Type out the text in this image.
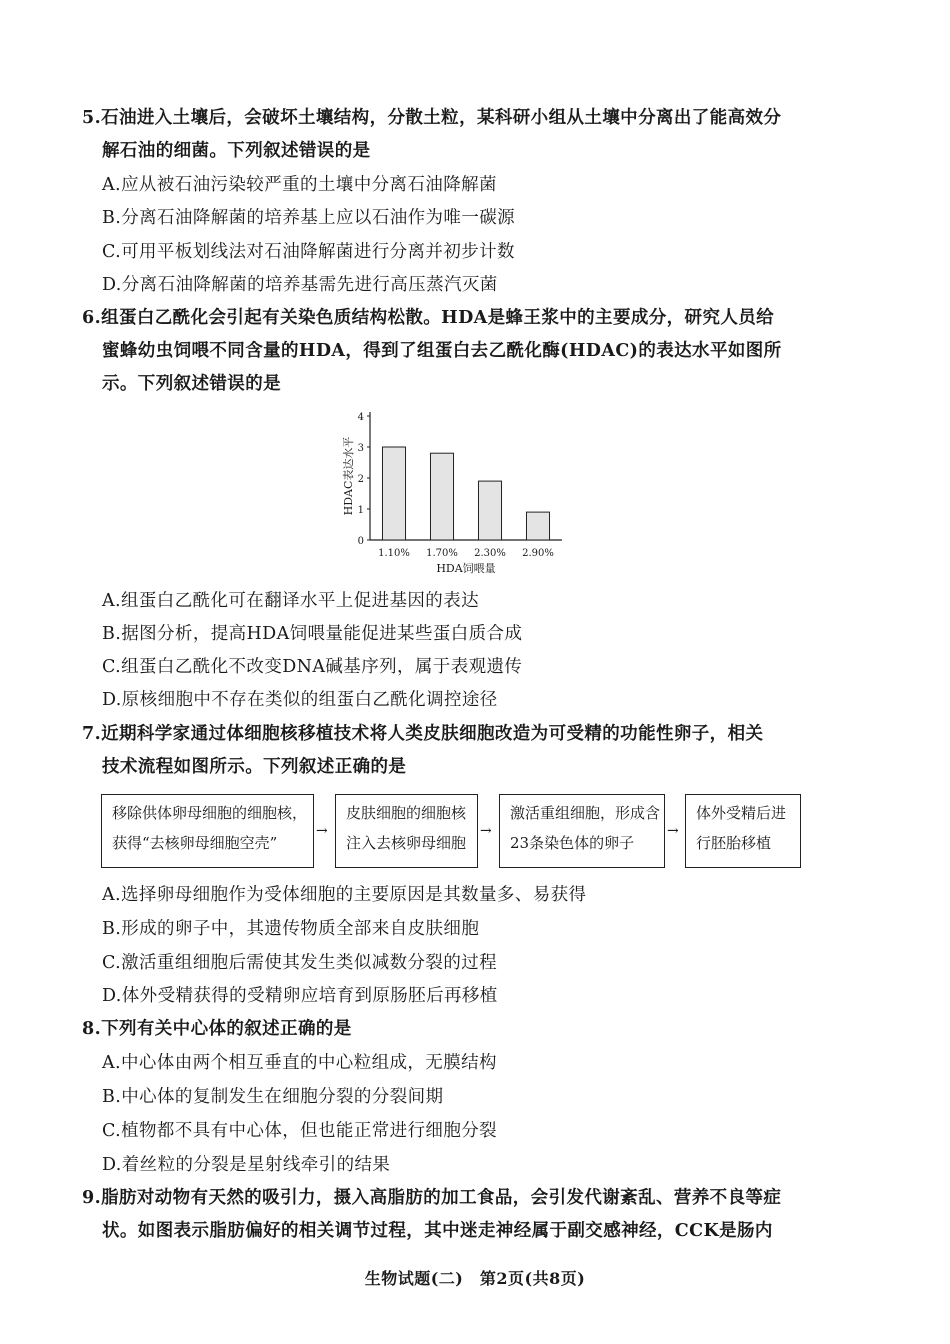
5.石油进入土壤后，会破坏土壤结构，分散土粒，某科研小组从土壤中分离出了能高效分
解石油的细菌。下列叙述错误的是
A.应从被石油污染较严重的土壤中分离石油降解菌
B.分离石油降解菌的培养基上应以石油作为唯一碳源
C.可用平板划线法对石油降解菌进行分离并初步计数
D.分离石油降解菌的培养基需先进行高压蒸汽灭菌
6.组蛋白乙酰化会引起有关染色质结构松散。HDA是蜂王浆中的主要成分，研究人员给
蜜蜂幼虫饲喂不同含量的HDA，得到了组蛋白去乙酰化酶(HDAC)的表达水平如图所
示。下列叙述错误的是
0
1
2
3
4
1.10% 1.70% 2.30% 2.90%
HDA饲喂量
HDAC表达水平
A.组蛋白乙酰化可在翻译水平上促进基因的表达
B.据图分析，提高HDA饲喂量能促进某些蛋白质合成
C.组蛋白乙酰化不改变DNA碱基序列，属于表观遗传
D.原核细胞中不存在类似的组蛋白乙酰化调控途径
7.近期科学家通过体细胞核移植技术将人类皮肤细胞改造为可受精的功能性卵子，相关
技术流程如图所示。下列叙述正确的是
移除供体卵母细胞的细胞核，
获得“去核卵母细胞空壳”
→
皮肤细胞的细胞核
注入去核卵母细胞
→
激活重组细胞，形成含
23条染色体的卵子
→
体外受精后进
行胚胎移植
A.选择卵母细胞作为受体细胞的主要原因是其数量多、易获得
B.形成的卵子中，其遗传物质全部来自皮肤细胞
C.激活重组细胞后需使其发生类似减数分裂的过程
D.体外受精获得的受精卵应培育到原肠胚后再移植
8.下列有关中心体的叙述正确的是
A.中心体由两个相互垂直的中心粒组成，无膜结构
B.中心体的复制发生在细胞分裂的分裂间期
C.植物都不具有中心体，但也能正常进行细胞分裂
D.着丝粒的分裂是星射线牵引的结果
9.脂肪对动物有天然的吸引力，摄入高脂肪的加工食品，会引发代谢紊乱、营养不良等症
状。如图表示脂肪偏好的相关调节过程，其中迷走神经属于副交感神经，CCK是肠内
生物试题(二)　第2页(共8页)
